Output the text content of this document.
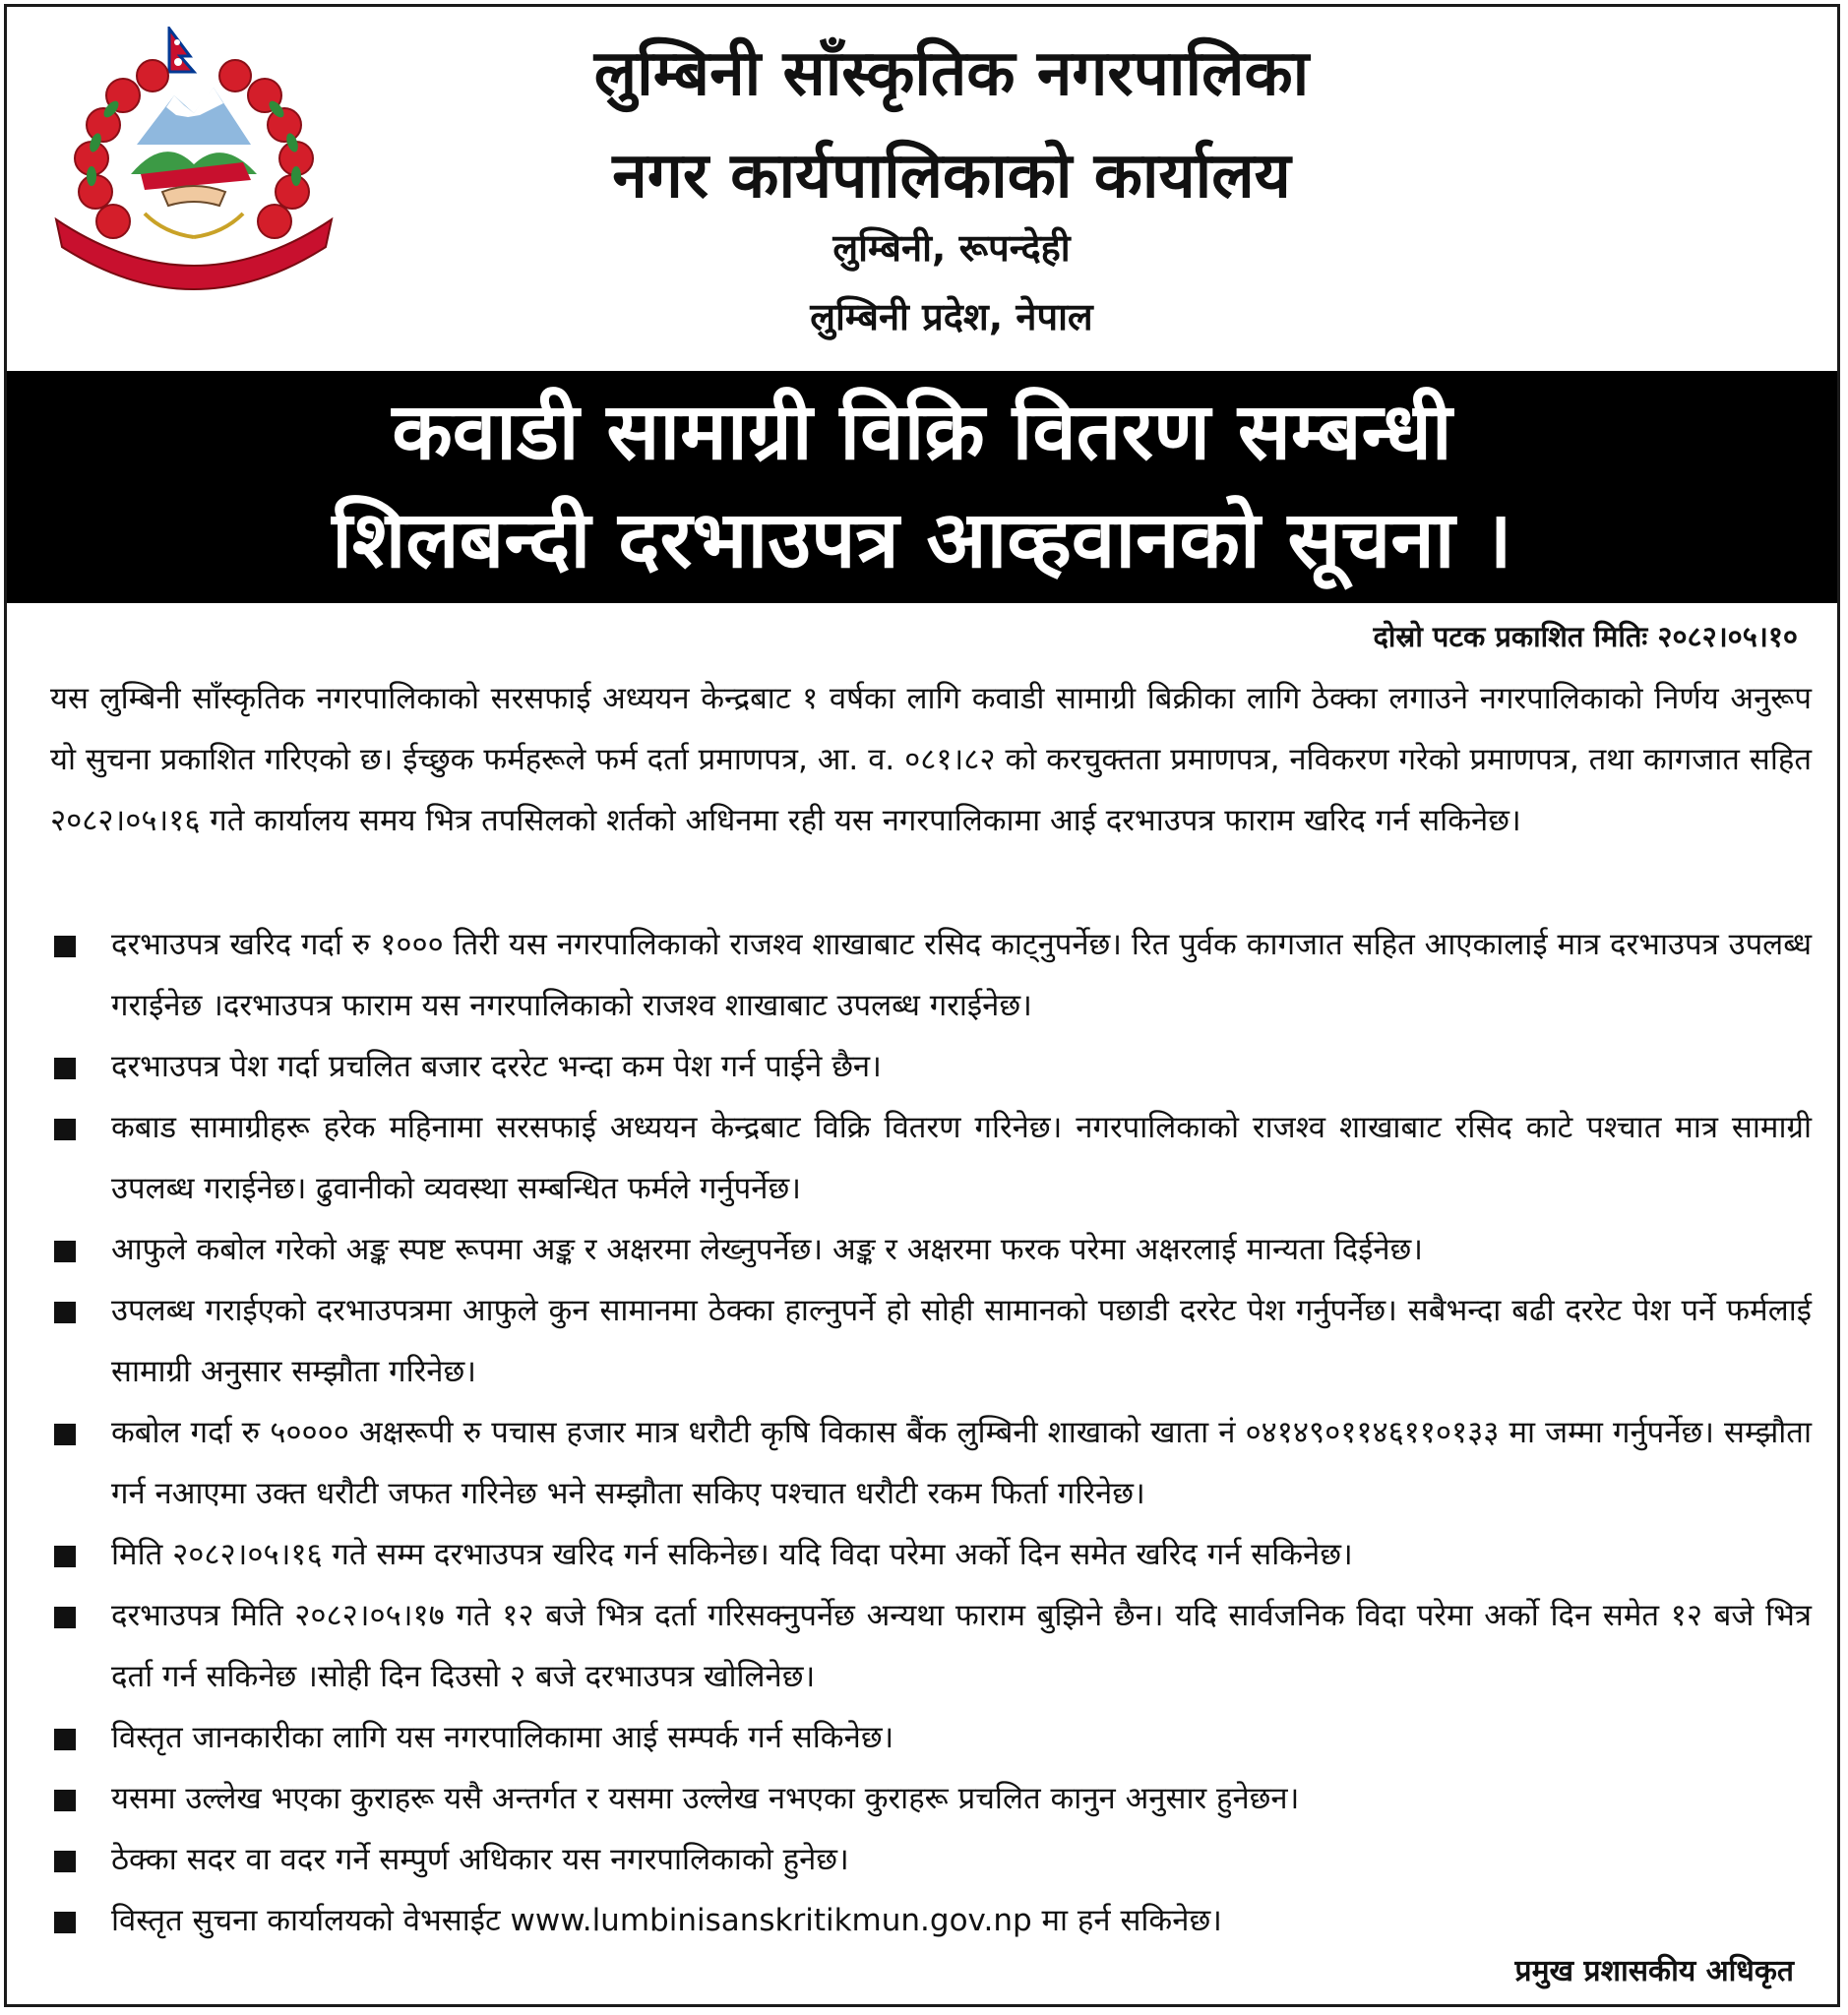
लुम्बिनी साँस्कृतिक नगरपालिका
नगर कार्यपालिकाको कार्यालय
लुम्बिनी, रूपन्देही
लुम्बिनी प्रदेश, नेपाल
कवाडी सामाग्री विक्रि वितरण सम्बन्धी
शिलबन्दी दरभाउपत्र आव्हवानको सूचना ।
दोस्रो पटक प्रकाशित मितिः २०८२।०५।१०

यस लुम्बिनी साँस्कृतिक नगरपालिकाको सरसफाई अध्ययन केन्द्रबाट १ वर्षका लागि कवाडी सामाग्री बिक्रीका लागि ठेक्का लगाउने नगरपालिकाको निर्णय अनुरूप यो सुचना प्रकाशित गरिएको छ। ईच्छुक फर्महरूले फर्म दर्ता प्रमाणपत्र, आ. व. ०८१।८२ को करचुक्तता प्रमाणपत्र, नविकरण गरेको प्रमाणपत्र, तथा कागजात सहित २०८२।०५।१६ गते कार्यालय समय भित्र तपसिलको शर्तको अधिनमा रही यस नगरपालिकामा आई दरभाउपत्र फाराम खरिद गर्न सकिनेछ।

दरभाउपत्र खरिद गर्दा रु १००० तिरी यस नगरपालिकाको राजश्व शाखाबाट रसिद काट्नुपर्नेछ। रित पुर्वक कागजात सहित आएकालाई मात्र दरभाउपत्र उपलब्ध गराईनेछ ।दरभाउपत्र फाराम यस नगरपालिकाको राजश्व शाखाबाट उपलब्ध गराईनेछ।
दरभाउपत्र पेश गर्दा प्रचलित बजार दररेट भन्दा कम पेश गर्न पाईने छैन।
कबाड सामाग्रीहरू हरेक महिनामा सरसफाई अध्ययन केन्द्रबाट विक्रि वितरण गरिनेछ। नगरपालिकाको राजश्व शाखाबाट रसिद काटे पश्चात मात्र सामाग्री उपलब्ध गराईनेछ। ढुवानीको व्यवस्था सम्बन्धित फर्मले गर्नुपर्नेछ।
आफुले कबोल गरेको अङ्क स्पष्ट रूपमा अङ्क र अक्षरमा लेख्नुपर्नेछ। अङ्क र अक्षरमा फरक परेमा अक्षरलाई मान्यता दिईनेछ।
उपलब्ध गराईएको दरभाउपत्रमा आफुले कुन सामानमा ठेक्का हाल्नुपर्ने हो सोही सामानको पछाडी दररेट पेश गर्नुपर्नेछ। सबैभन्दा बढी दररेट पेश पर्ने फर्मलाई सामाग्री अनुसार सम्झौता गरिनेछ।
कबोल गर्दा रु ५०००० अक्षरूपी रु पचास हजार मात्र धरौटी कृषि विकास बैंक लुम्बिनी शाखाको खाता नं ०४१४९०११४६११०१३३ मा जम्मा गर्नुपर्नेछ। सम्झौता गर्न नआएमा उक्त धरौटी जफत गरिनेछ भने सम्झौता सकिए पश्चात धरौटी रकम फिर्ता गरिनेछ।
मिति २०८२।०५।१६ गते सम्म दरभाउपत्र खरिद गर्न सकिनेछ। यदि विदा परेमा अर्को दिन समेत खरिद गर्न सकिनेछ।
दरभाउपत्र मिति २०८२।०५।१७ गते १२ बजे भित्र दर्ता गरिसक्नुपर्नेछ अन्यथा फाराम बुझिने छैन। यदि सार्वजनिक विदा परेमा अर्को दिन समेत १२ बजे भित्र दर्ता गर्न सकिनेछ ।सोही दिन दिउसो २ बजे दरभाउपत्र खोलिनेछ।
विस्तृत जानकारीका लागि यस नगरपालिकामा आई सम्पर्क गर्न सकिनेछ।
यसमा उल्लेख भएका कुराहरू यसै अन्तर्गत र यसमा उल्लेख नभएका कुराहरू प्रचलित कानुन अनुसार हुनेछन।
ठेक्का सदर वा वदर गर्ने सम्पुर्ण अधिकार यस नगरपालिकाको हुनेछ।
विस्तृत सुचना कार्यालयको वेभसाईट www.lumbinisanskritikmun.gov.np मा हर्न सकिनेछ।
प्रमुख प्रशासकीय अधिकृत
